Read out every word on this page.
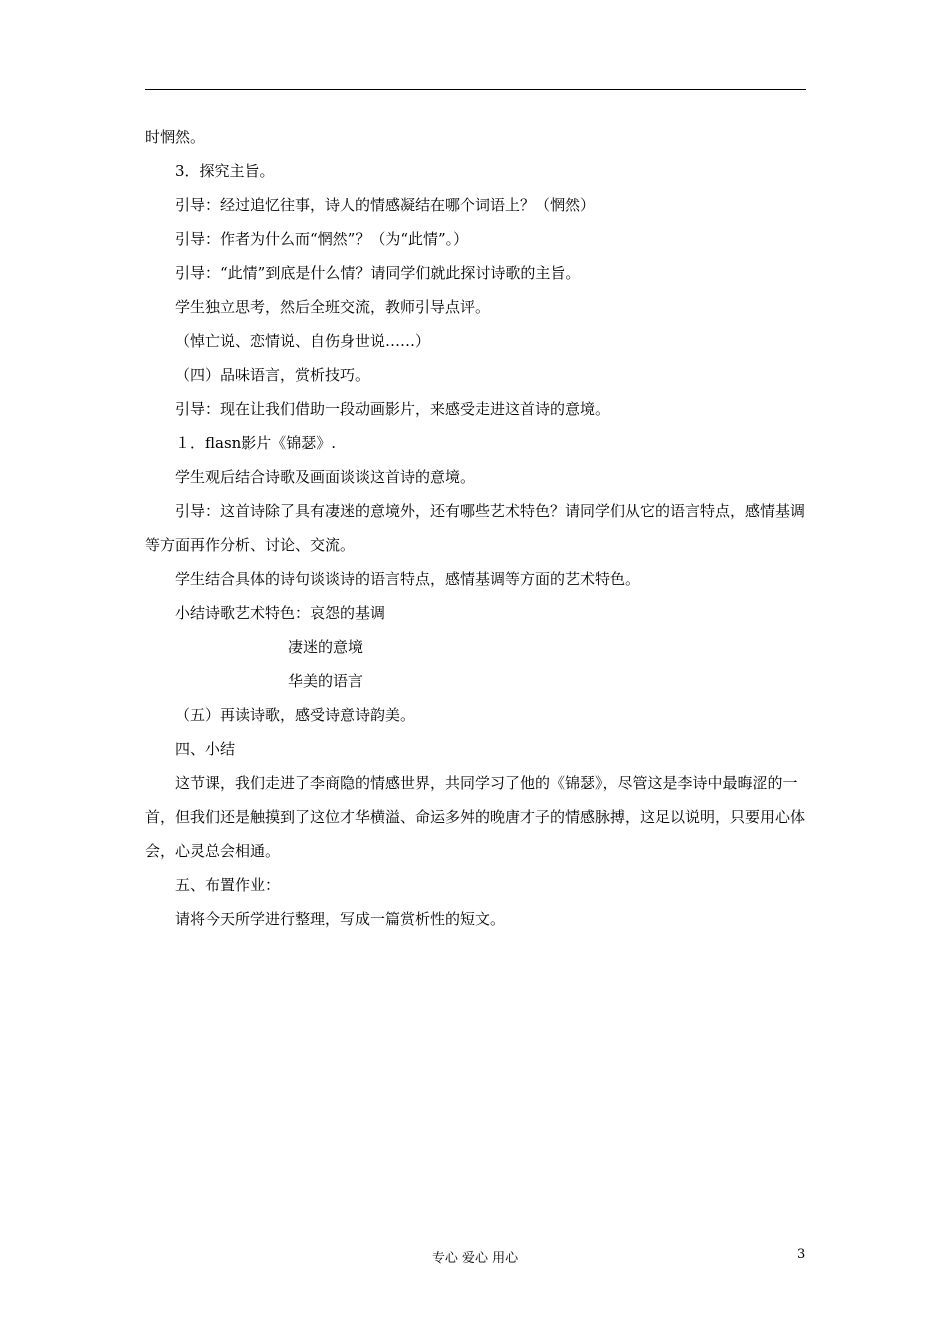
时惘然。

3．探究主旨。

引导：经过追忆往事，诗人的情感凝结在哪个词语上？（惘然）

引导：作者为什么而“惘然”？（为“此情”。）

引导：“此情”到底是什么情？请同学们就此探讨诗歌的主旨。

学生独立思考，然后全班交流，教师引导点评。

（悼亡说、恋情说、自伤身世说……）

（四）品味语言，赏析技巧。

引导：现在让我们借助一段动画影片，来感受走进这首诗的意境。

１．flasn影片《锦瑟》.

学生观后结合诗歌及画面谈谈这首诗的意境。

引导：这首诗除了具有凄迷的意境外，还有哪些艺术特色？请同学们从它的语言特点，感情基调等方面再作分析、讨论、交流。

学生结合具体的诗句谈谈诗的语言特点，感情基调等方面的艺术特色。

小结诗歌艺术特色：哀怨的基调

凄迷的意境

华美的语言

（五）再读诗歌，感受诗意诗韵美。

四、小结

这节课，我们走进了李商隐的情感世界，共同学习了他的《锦瑟》，尽管这是李诗中最晦涩的一首，但我们还是触摸到了这位才华横溢、命运多舛的晚唐才子的情感脉搏，这足以说明，只要用心体会，心灵总会相通。

五、布置作业：

请将今天所学进行整理，写成一篇赏析性的短文。

专心 爱心 用心	3
